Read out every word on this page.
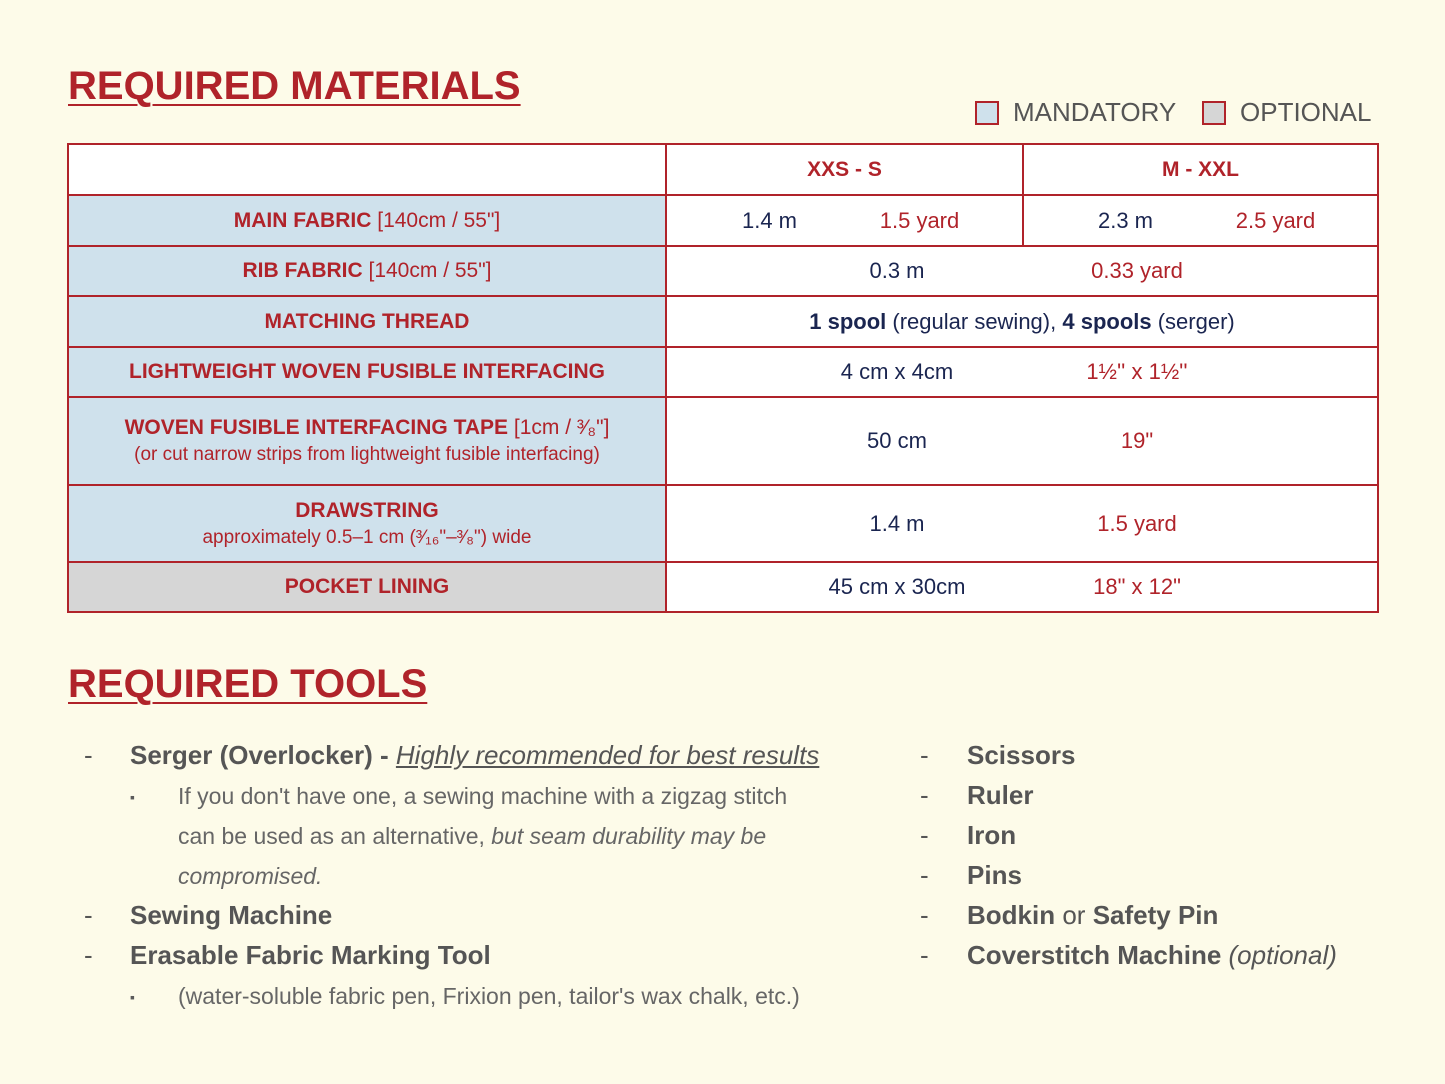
REQUIRED MATERIALS
MANDATORY OPTIONAL
	XXS - S	M - XXL
MAIN FABRIC [140cm / 55"]	1.4 m 1.5 yard	2.3 m 2.5 yard

RIB FABRIC [140cm / 55"]	0.3 m 0.33 yard	

MATCHING THREAD	1 spool (regular sewing), 4 spools (serger)	
LIGHTWEIGHT WOVEN FUSIBLE INTERFACING	4 cm x 4cm 1½'' x 1½''	

WOVEN FUSIBLE INTERFACING TAPE [1cm / ³⁄₈"]
(or cut narrow strips from lightweight fusible interfacing)	50 cm 19"	

DRAWSTRING
approximately 0.5–1 cm (³⁄₁₆"–³⁄₈") wide	1.4 m 1.5 yard	

POCKET LINING	45 cm x 30cm 18" x 12"	
REQUIRED TOOLS
- Serger (Overlocker) - Highly recommended for best results
▪ If you don't have one, a sewing machine with a zigzag stitch
can be used as an alternative, but seam durability may be
compromised.
- Sewing Machine
- Erasable Fabric Marking Tool
▪ (water-soluble fabric pen, Frixion pen, tailor's wax chalk, etc.)
- Scissors
- Ruler
- Iron
- Pins
- Bodkin or Safety Pin
- Coverstitch Machine (optional)
